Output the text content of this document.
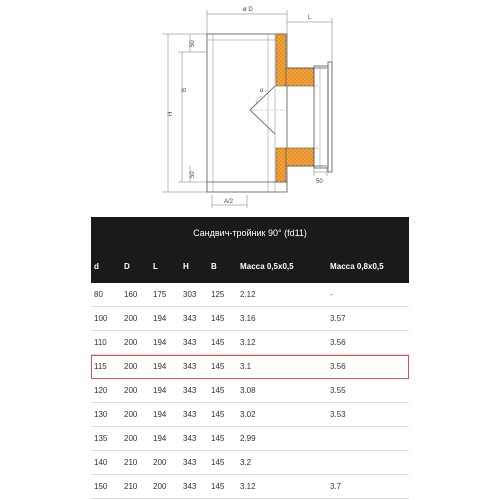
ø D
L
H
B
50
50
α
A/2
50
Сандвич-тройник 90° (fd11)
d	D	L	H	B	Масса 0,5х0,5	Масса 0,8х0,5
80	160	175	303	125	2.12	-
100	200	194	343	145	3.16	3.57
110	200	194	343	145	3.12	3.56
115	200	194	343	145	3.1	3.56
120	200	194	343	145	3.08	3.55
130	200	194	343	145	3.02	3.53
135	200	194	343	145	2.99
140	210	200	343	145	3.2
150	210	200	343	145	3.12	3.7
